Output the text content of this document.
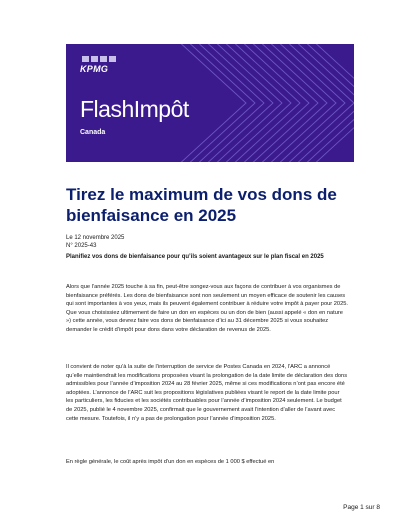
KPMG
FlashImpôt
Canada
Tirez le maximum de vos dons de bienfaisance en 2025
Le 12 novembre 2025
N° 2025-43

Planifiez vos dons de bienfaisance pour qu’ils soient avantageux sur le plan fiscal en 2025

Alors que l’année 2025 touche à sa fin, peut-être songez-vous aux façons de contribuer à vos organismes de bienfaisance préférés. Les dons de bienfaisance sont non seulement un moyen efficace de soutenir les causes qui sont importantes à vos yeux, mais ils peuvent également contribuer à réduire votre impôt à payer pour 2025. Que vous choisissiez ultimement de faire un don en espèces ou un don de bien (aussi appelé « don en nature ») cette année, vous devrez faire vos dons de bienfaisance d’ici au 31 décembre 2025 si vous souhaitez demander le crédit d’impôt pour dons dans votre déclaration de revenus de 2025.

Il convient de noter qu’à la suite de l’interruption de service de Postes Canada en 2024, l’ARC a annoncé qu’elle maintiendrait les modifications proposées visant la prolongation de la date limite de déclaration des dons admissibles pour l’année d’imposition 2024 au 28 février 2025, même si ces modifications n’ont pas encore été adoptées. L’annonce de l’ARC suit les propositions législatives publiées visant le report de la date limite pour les particuliers, les fiducies et les sociétés contribuables pour l’année d’imposition 2024 seulement. Le budget de 2025, publié le 4 novembre 2025, confirmait que le gouvernement avait l’intention d’aller de l’avant avec cette mesure. Toutefois, il n’y a pas de prolongation pour l’année d’imposition 2025.

En règle générale, le coût après impôt d’un don en espèces de 1 000 $ effectué en

Page 1 sur 8
